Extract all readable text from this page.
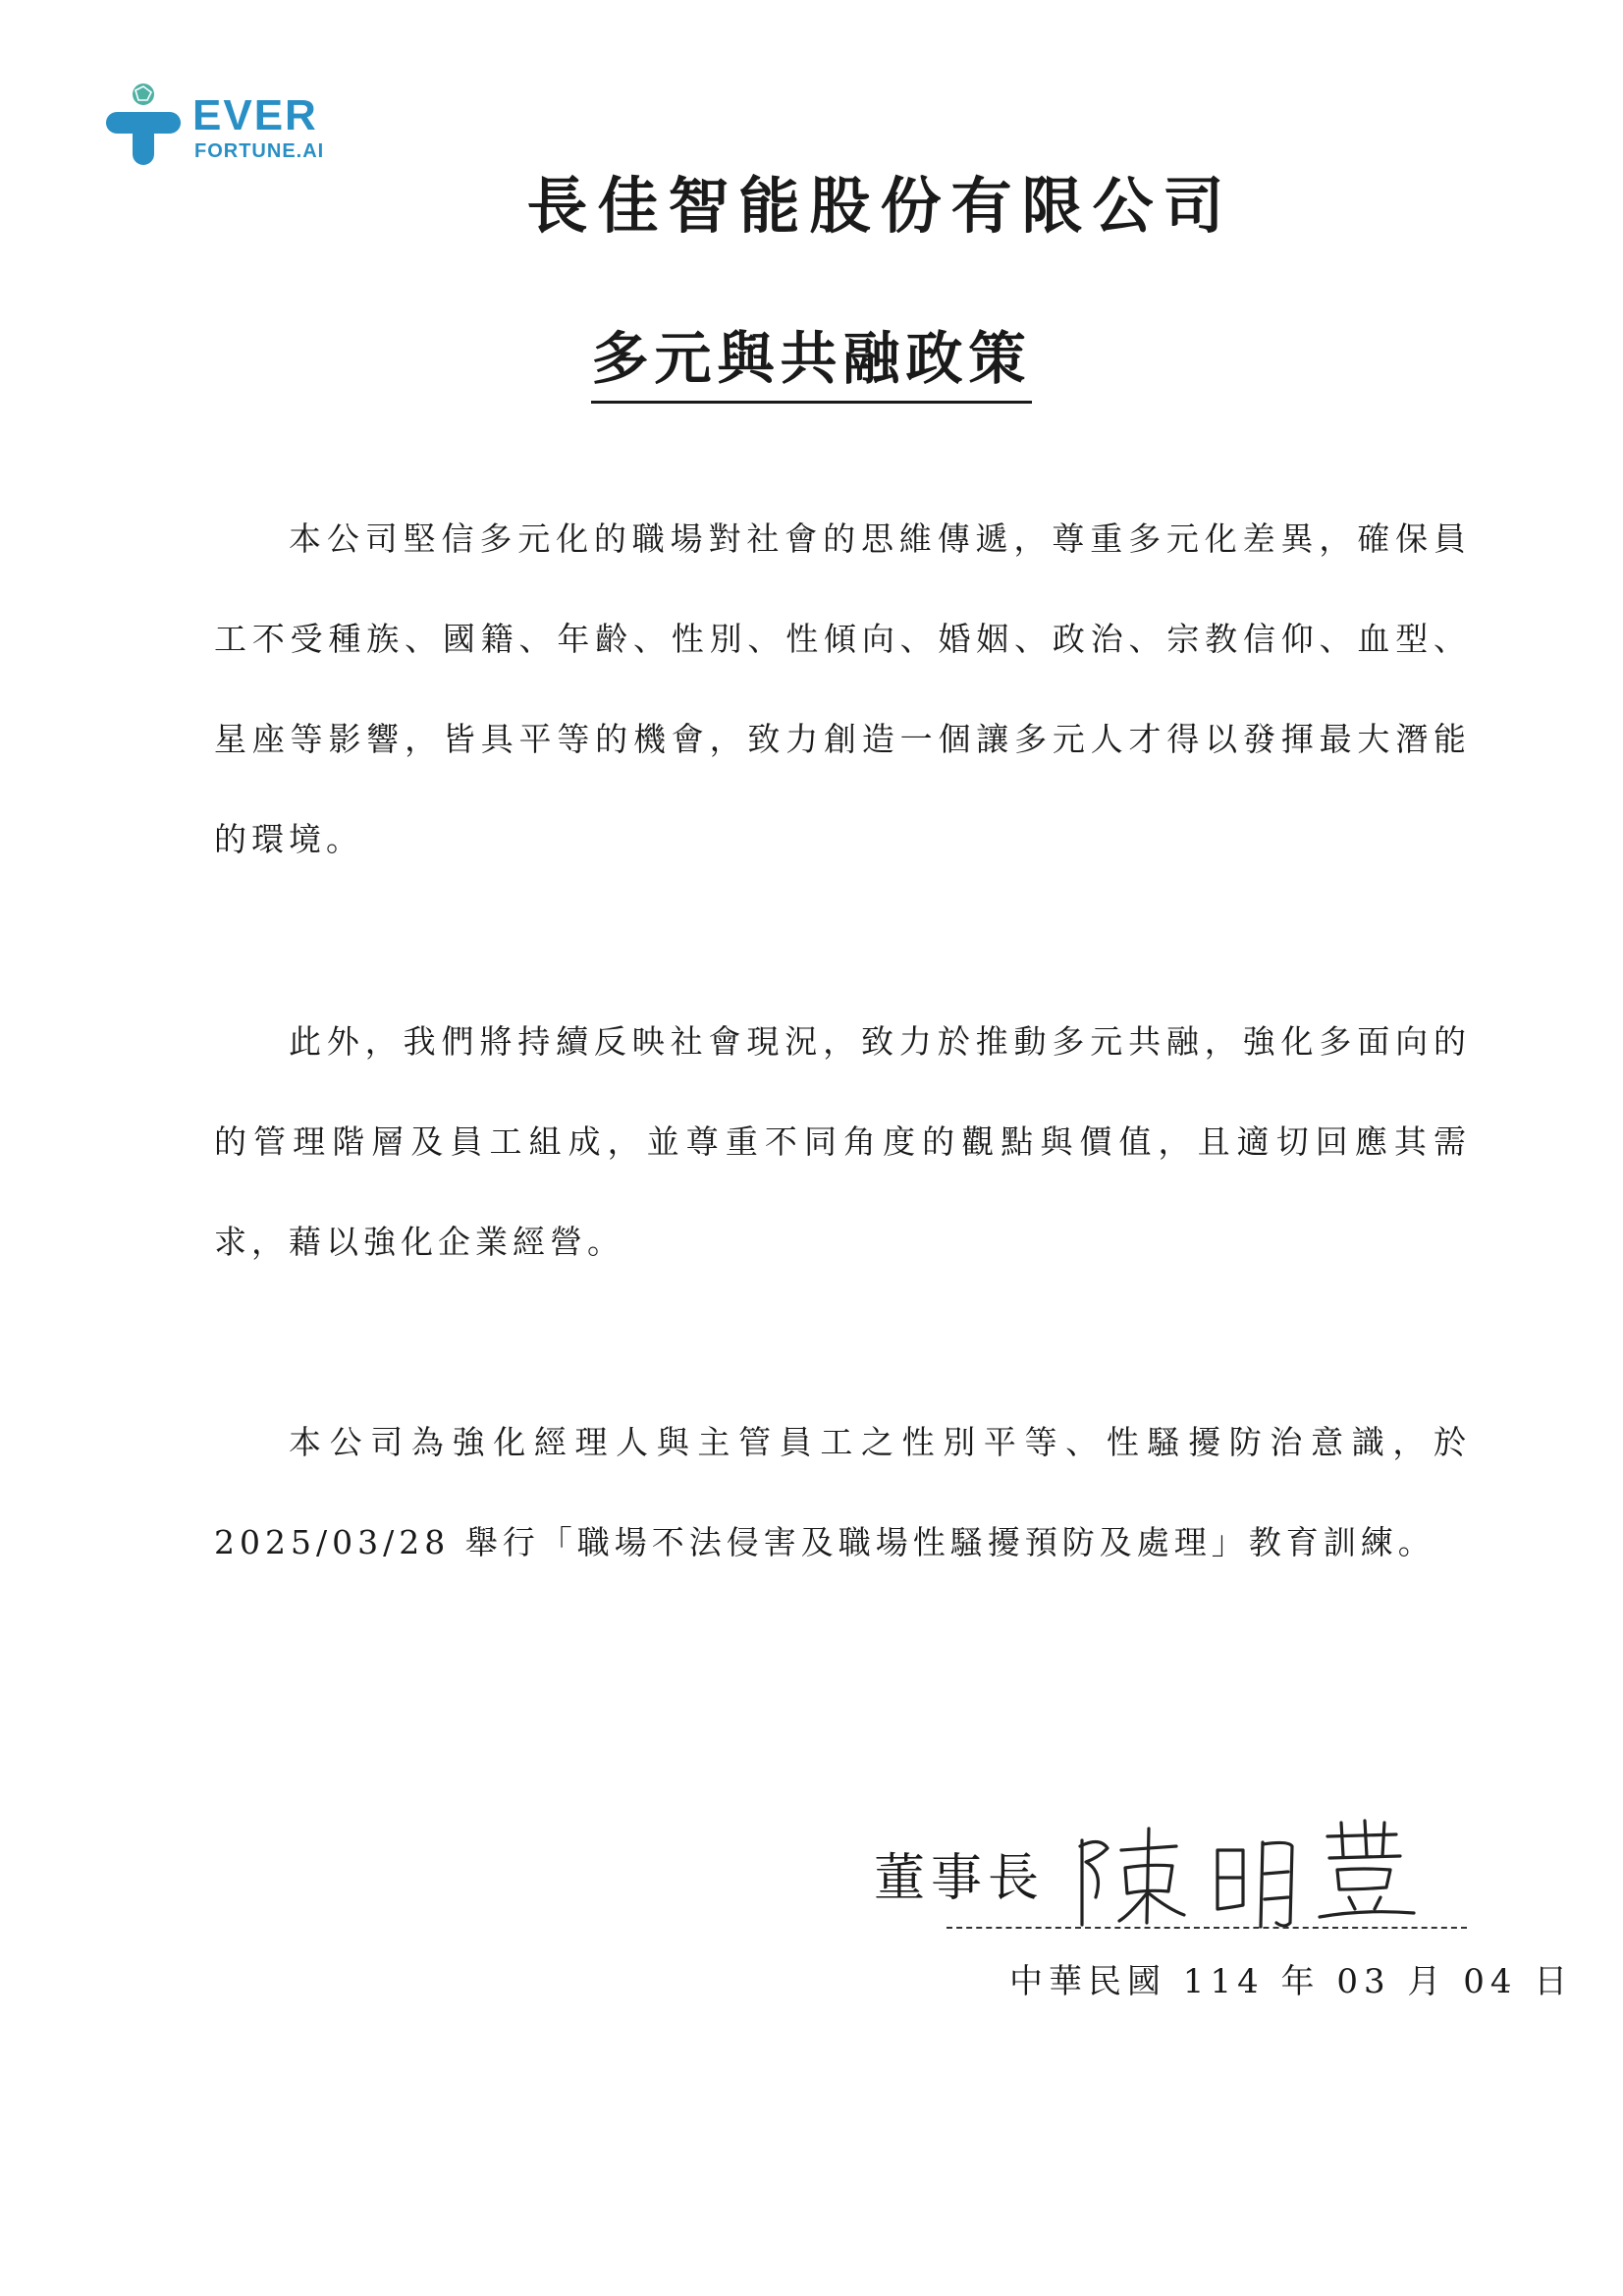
EVER
FORTUNE.AI
長佳智能股份有限公司
多元與共融政策

本公司堅信多元化的職場對社會的思維傳遞，尊重多元化差異，確保員工不受種族、國籍、年齡、性別、性傾向、婚姻、政治、宗教信仰、血型、星座等影響，皆具平等的機會，致力創造一個讓多元人才得以發揮最大潛能的環境。

此外，我們將持續反映社會現況，致力於推動多元共融，強化多面向的的管理階層及員工組成，並尊重不同角度的觀點與價值，且適切回應其需求，藉以強化企業經營。

本公司為強化經理人與主管員工之性別平等、性騷擾防治意識，於2025/03/28 舉行「職場不法侵害及職場性騷擾預防及處理」教育訓練。

董事長
中華民國 114 年 03 月 04 日
